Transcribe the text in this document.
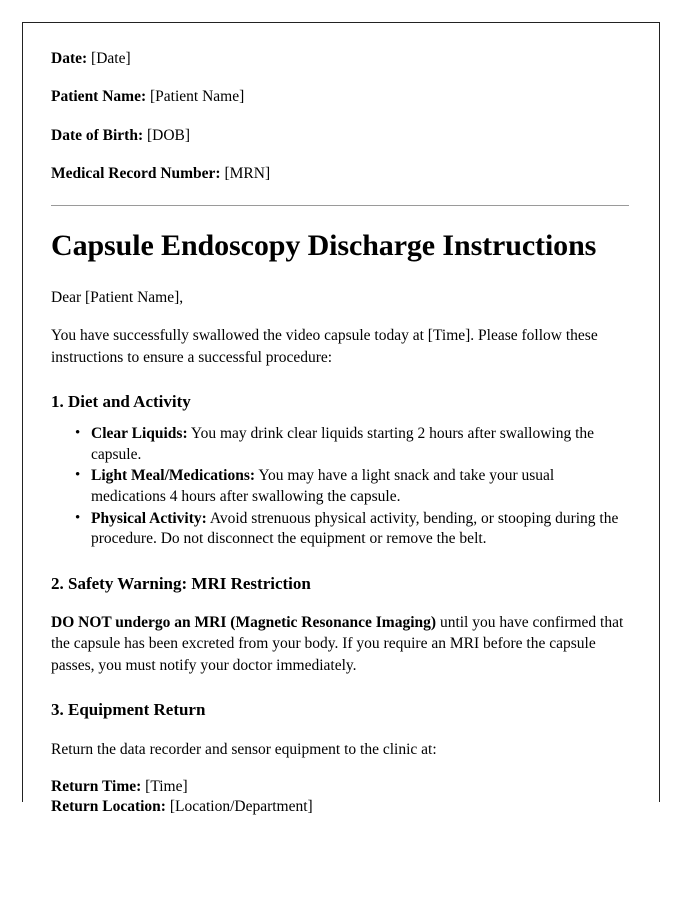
Date: [Date]

Patient Name: [Patient Name]

Date of Birth: [DOB]

Medical Record Number: [MRN]

Capsule Endoscopy Discharge Instructions

Dear [Patient Name],

You have successfully swallowed the video capsule today at [Time]. Please follow these instructions to ensure a successful procedure:

1. Diet and Activity
• Clear Liquids: You may drink clear liquids starting 2 hours after swallowing the capsule.
• Light Meal/Medications: You may have a light snack and take your usual medications 4 hours after swallowing the capsule.
• Physical Activity: Avoid strenuous physical activity, bending, or stooping during the procedure. Do not disconnect the equipment or remove the belt.
2. Safety Warning: MRI Restriction

DO NOT undergo an MRI (Magnetic Resonance Imaging) until you have confirmed that the capsule has been excreted from your body. If you require an MRI before the capsule passes, you must notify your doctor immediately.

3. Equipment Return

Return the data recorder and sensor equipment to the clinic at:

Return Time: [Time]
Return Location: [Location/Department]
